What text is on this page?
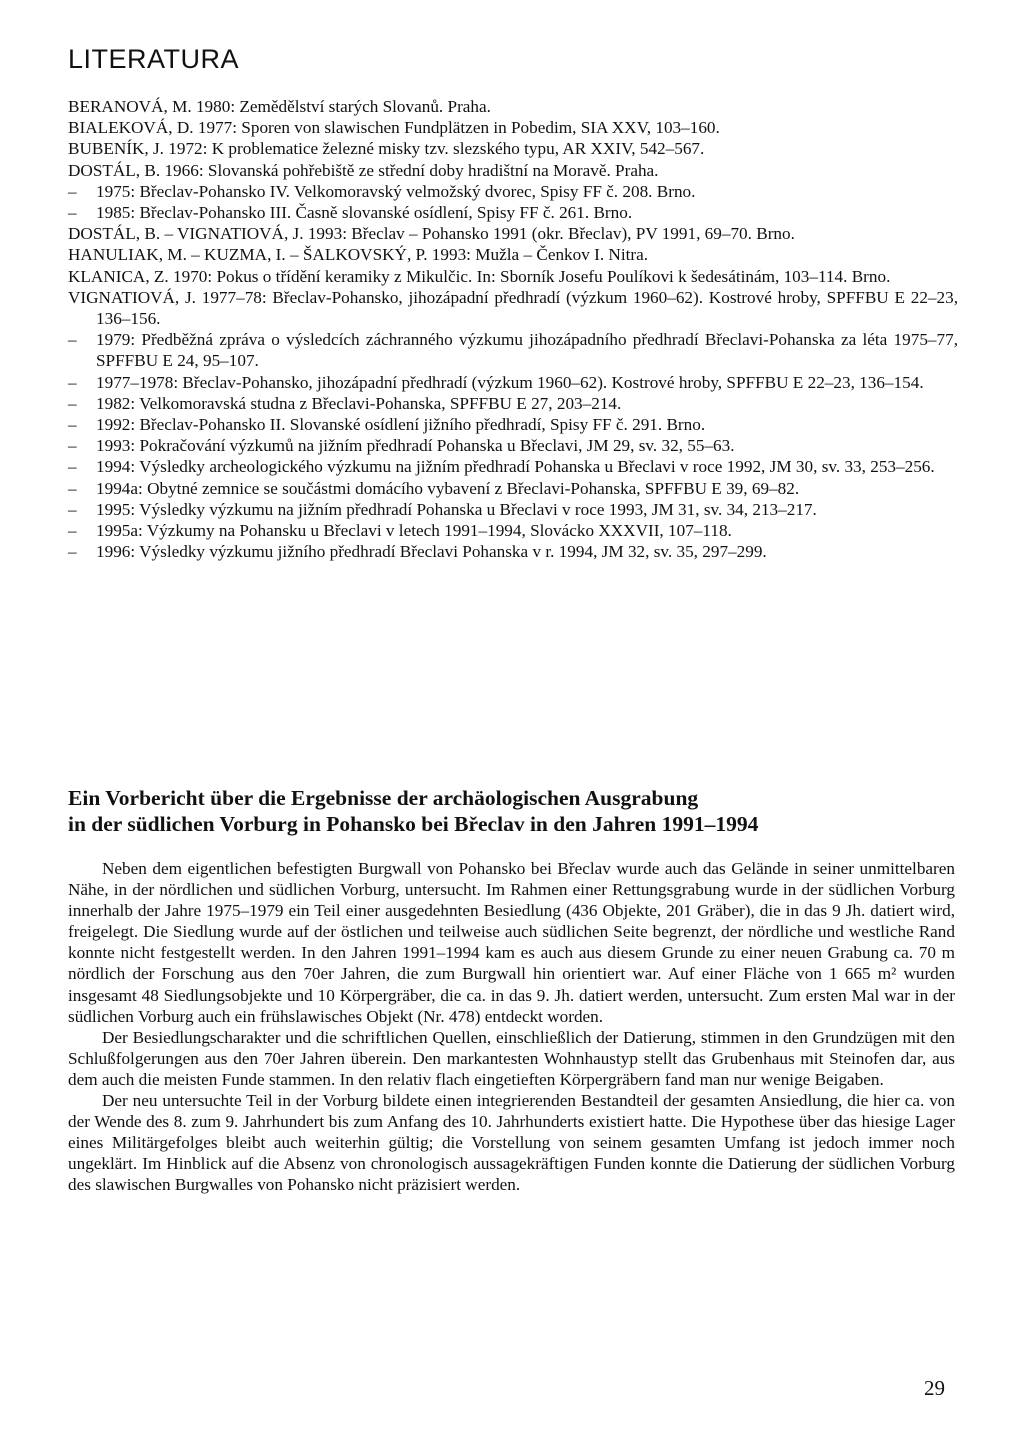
LITERATURA
BERANOVÁ, M. 1980: Zemědělství starých Slovanů. Praha.
BIALEKOVÁ, D. 1977: Sporen von slawischen Fundplätzen in Pobedim, SIA XXV, 103–160.
BUBENÍK, J. 1972: K problematice železné misky tzv. slezského typu, AR XXIV, 542–567.
DOSTÁL, B. 1966: Slovanská pohřebiště ze střední doby hradištní na Moravě. Praha.
– 1975: Břeclav-Pohansko IV. Velkomoravský velmožský dvorec, Spisy FF č. 208. Brno.
– 1985: Břeclav-Pohansko III. Časně slovanské osídlení, Spisy FF č. 261. Brno.
DOSTÁL, B. – VIGNATIOVÁ, J. 1993: Břeclav – Pohansko 1991 (okr. Břeclav), PV 1991, 69–70. Brno.
HANULIAK, M. – KUZMA, I. – ŠALKOVSKÝ, P. 1993: Mužla – Čenkov I. Nitra.
KLANICA, Z. 1970: Pokus o třídění keramiky z Mikulčic. In: Sborník Josefu Poulíkovi k šedesátinám, 103–114. Brno.
VIGNATIOVÁ, J. 1977–78: Břeclav-Pohansko, jihozápadní předhradí (výzkum 1960–62). Kostrové hroby, SPFFBU E 22–23, 136–156.
– 1979: Předběžná zpráva o výsledcích záchranného výzkumu jihozápadního předhradí Břeclavi-Pohanska za léta 1975–77, SPFFBU E 24, 95–107.
– 1977–1978: Břeclav-Pohansko, jihozápadní předhradí (výzkum 1960–62). Kostrové hroby, SPFFBU E 22–23, 136–154.
– 1982: Velkomoravská studna z Břeclavi-Pohanska, SPFFBU E 27, 203–214.
– 1992: Břeclav-Pohansko II. Slovanské osídlení jižního předhradí, Spisy FF č. 291. Brno.
– 1993: Pokračování výzkumů na jižním předhradí Pohanska u Břeclavi, JM 29, sv. 32, 55–63.
– 1994: Výsledky archeologického výzkumu na jižním předhradí Pohanska u Břeclavi v roce 1992, JM 30, sv. 33, 253–256.
– 1994a: Obytné zemnice se součástmi domácího vybavení z Břeclavi-Pohanska, SPFFBU E 39, 69–82.
– 1995: Výsledky výzkumu na jižním předhradí Pohanska u Břeclavi v roce 1993, JM 31, sv. 34, 213–217.
– 1995a: Výzkumy na Pohansku u Břeclavi v letech 1991–1994, Slovácko XXXVII, 107–118.
– 1996: Výsledky výzkumu jižního předhradí Břeclavi Pohanska v r. 1994, JM 32, sv. 35, 297–299.
Ein Vorbericht über die Ergebnisse der archäologischen Ausgrabung
in der südlichen Vorburg in Pohansko bei Břeclav in den Jahren 1991–1994

Neben dem eigentlichen befestigten Burgwall von Pohansko bei Břeclav wurde auch das Gelände in seiner unmittelbaren Nähe, in der nördlichen und südlichen Vorburg, untersucht. Im Rahmen einer Rettungsgrabung wurde in der südlichen Vorburg innerhalb der Jahre 1975–1979 ein Teil einer ausgedehnten Besiedlung (436 Objekte, 201 Gräber), die in das 9 Jh. datiert wird, freigelegt. Die Siedlung wurde auf der östlichen und teilweise auch südlichen Seite begrenzt, der nördliche und westliche Rand konnte nicht festgestellt werden. In den Jahren 1991–1994 kam es auch aus diesem Grunde zu einer neuen Grabung ca. 70 m nördlich der Forschung aus den 70er Jahren, die zum Burgwall hin orientiert war. Auf einer Fläche von 1 665 m² wurden insgesamt 48 Siedlungsobjekte und 10 Körpergräber, die ca. in das 9. Jh. datiert werden, untersucht. Zum ersten Mal war in der südlichen Vorburg auch ein frühslawisches Objekt (Nr. 478) entdeckt worden.

Der Besiedlungscharakter und die schriftlichen Quellen, einschließlich der Datierung, stimmen in den Grundzügen mit den Schlußfolgerungen aus den 70er Jahren überein. Den markantesten Wohnhaustyp stellt das Grubenhaus mit Steinofen dar, aus dem auch die meisten Funde stammen. In den relativ flach eingetieften Körpergräbern fand man nur wenige Beigaben.

Der neu untersuchte Teil in der Vorburg bildete einen integrierenden Bestandteil der gesamten Ansiedlung, die hier ca. von der Wende des 8. zum 9. Jahrhundert bis zum Anfang des 10. Jahrhunderts existiert hatte. Die Hypothese über das hiesige Lager eines Militärgefolges bleibt auch weiterhin gültig; die Vorstellung von seinem gesamten Umfang ist jedoch immer noch ungeklärt. Im Hinblick auf die Absenz von chronologisch aussagekräftigen Funden konnte die Datierung der südlichen Vorburg des slawischen Burgwalles von Pohansko nicht präzisiert werden.

29
